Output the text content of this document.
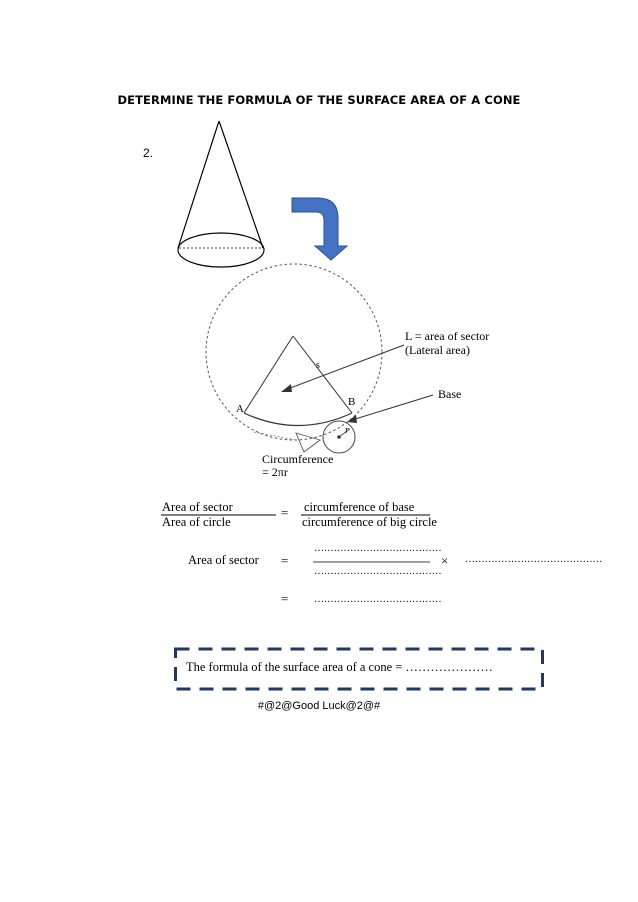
DETERMINE THE FORMULA OF THE SURFACE AREA OF A CONE
2.
L = area of sector
(Lateral area)
s
A
B
Base
r
Circumference
= 2πr
Area of sector
Area of circle
= circumference of base
circumference of big circle
Area of sector =
…………………………………
…………………………………
× ……………………………………
=	…………………………………
The formula of the surface area of a cone = …………………
#@2@Good Luck@2@#
